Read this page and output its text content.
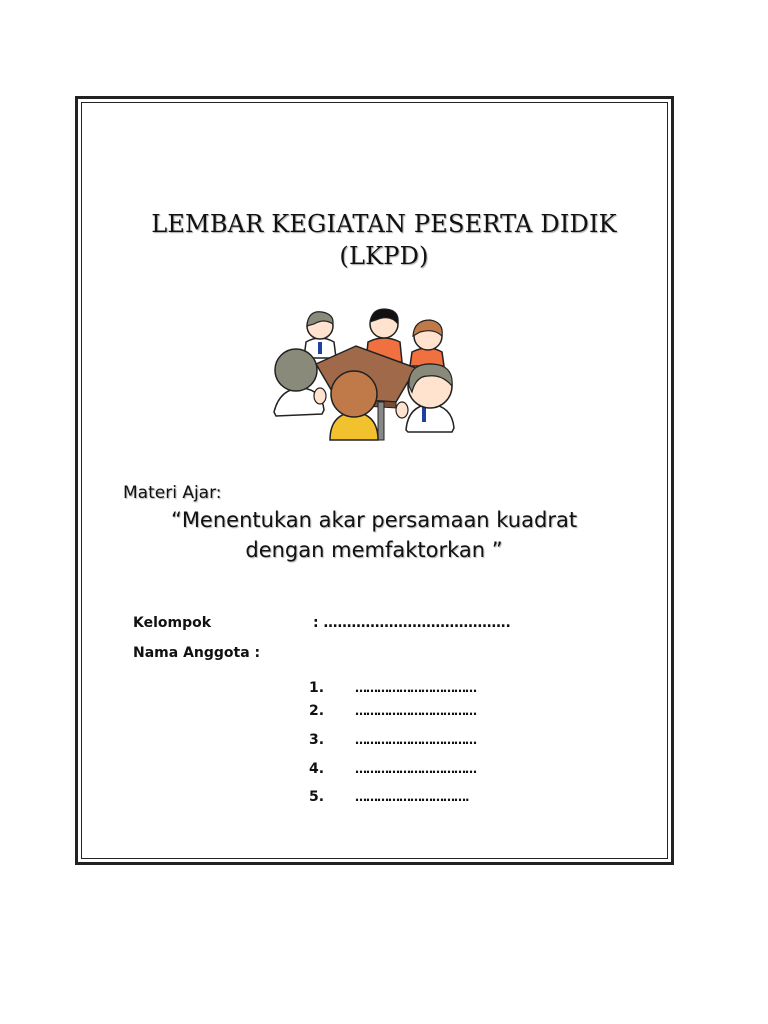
LEMBAR KEGIATAN PESERTA DIDIK
(LKPD)
Materi Ajar:
“Menentukan akar persamaan kuadrat
dengan memfaktorkan ”
Kelompok	: ………………………………….
Nama Anggota :
1.	……………………………
2.	……………………………
3.	……………………………
4.	……………………………
5.	………………………….
